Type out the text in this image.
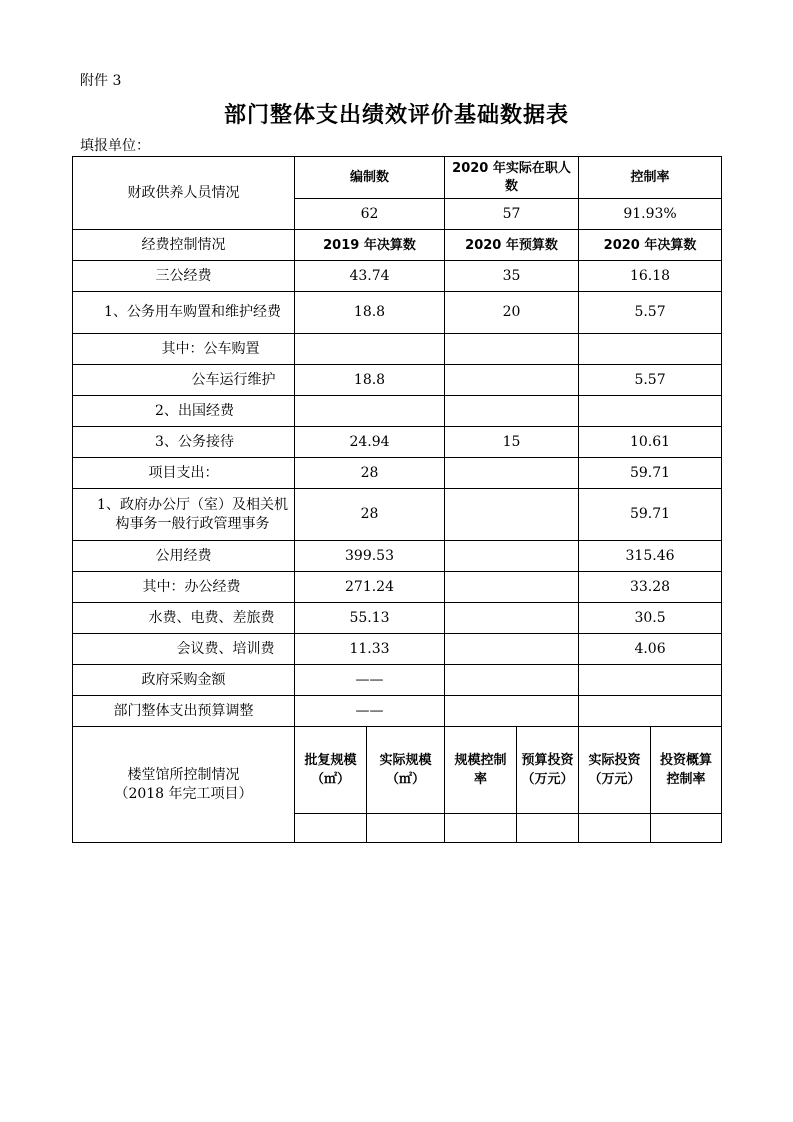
附件 3
部门整体支出绩效评价基础数据表
填报单位：
财政供养人员情况	编制数		2020 年实际在职人数		控制率	
	62		57		91.93%	
经费控制情况	2019 年决算数		2020 年预算数		2020 年决算数	
三公经费	43.74		35		16.18	
1、公务用车购置和维护经费	18.8		20		5.57	
其中：公车购置						
公车运行维护	18.8				5.57	
2、出国经费						
3、公务接待	24.94		15		10.61	
项目支出：	28				59.71	
1、政府办公厅（室）及相关机构事务一般行政管理事务	28				59.71	
公用经费	399.53				315.46	
其中：办公经费	271.24				33.28	
水费、电费、差旅费	55.13				30.5	
会议费、培训费	11.33				4.06	
政府采购金额	——					
部门整体支出预算调整	——					

楼堂馆所控制情况
（2018 年完工项目）	批复规模（㎡）	实际规模（㎡）	规模控制率	预算投资（万元）	实际投资（万元）	投资概算控制率
